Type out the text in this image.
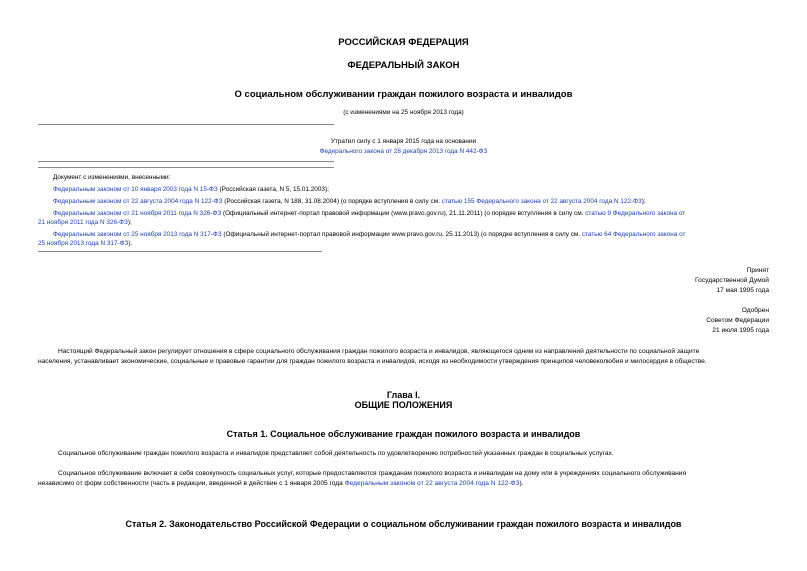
РОССИЙСКАЯ ФЕДЕРАЦИЯ
ФЕДЕРАЛЬНЫЙ ЗАКОН
О социальном обслуживании граждан пожилого возраста и инвалидов
(с изменениями на 25 ноября 2013 года)
Утратил силу с 1 января 2015 года на основании
Федерального закона от 28 декабря 2013 года N 442-ФЗ
Документ с изменениями, внесенными:
Федеральным законом от 10 января 2003 года N 15-ФЗ (Российская газета, N 5, 15.01.2003);
Федеральным законом от 22 августа 2004 года N 122-ФЗ (Российская газета, N 188, 31.08.2004) (о порядке вступления в силу см. статью 155 Федерального закона от 22 августа 2004 года N 122-ФЗ);
Федеральным законом от 21 ноября 2011 года N 326-ФЗ (Официальный интернет-портал правовой информации (www.pravo.gov.ru), 21.11.2011) (о порядке вступления в силу см. статью 9 Федерального закона от
21 ноября 2011 года N 326-ФЗ);
Федеральным законом от 25 ноября 2013 года N 317-ФЗ (Официальный интернет-портал правовой информации www.pravo.gov.ru, 25.11.2013) (о порядке вступления в силу см. статью 64 Федерального закона от
25 ноября 2013 года N 317-ФЗ).
Принят
Государственной Думой
17 мая 1995 года
Одобрен
Советом Федерации
21 июля 1995 года
Настоящий Федеральный закон регулирует отношения в сфере социального обслуживания граждан пожилого возраста и инвалидов, являющегося одним из направлений деятельности по социальной защите
населения, устанавливает экономические, социальные и правовые гарантии для граждан пожилого возраста и инвалидов, исходя из необходимости утверждения принципов человеколюбия и милосердия в обществе.
Глава I.
ОБЩИЕ ПОЛОЖЕНИЯ
Статья 1. Социальное обслуживание граждан пожилого возраста и инвалидов
Социальное обслуживание граждан пожилого возраста и инвалидов представляет собой деятельность по удовлетворению потребностей указанных граждан в социальных услугах.
Социальное обслуживание включает в себя совокупность социальных услуг, которые предоставляются гражданам пожилого возраста и инвалидам на дому или в учреждениях социального обслуживания
независимо от форм собственности (часть в редакции, введенной в действие с 1 января 2005 года Федеральным законом от 22 августа 2004 года N 122-ФЗ).
Статья 2. Законодательство Российской Федерации о социальном обслуживании граждан пожилого возраста и инвалидов
